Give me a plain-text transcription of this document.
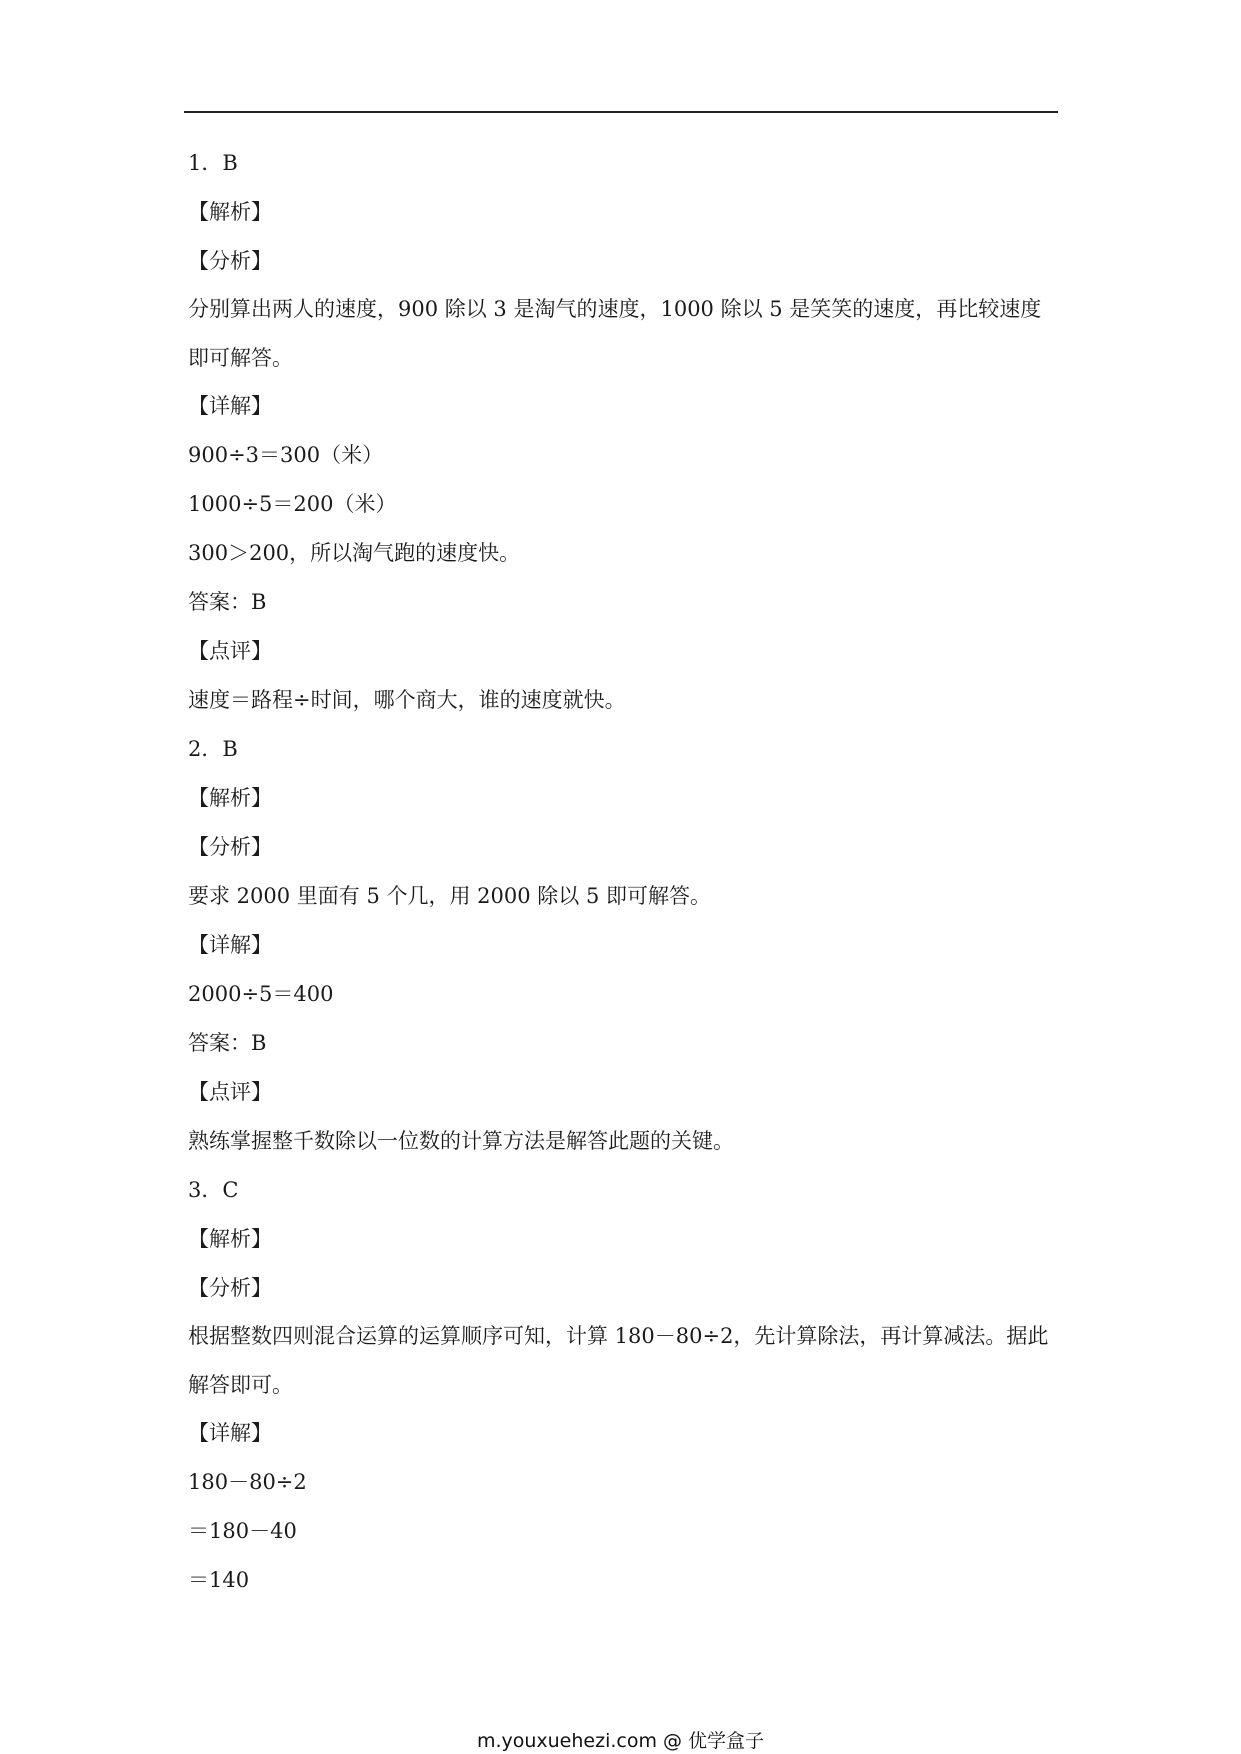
1．B
【解析】
【分析】
分别算出两人的速度，900 除以 3 是淘气的速度，1000 除以 5 是笑笑的速度，再比较速度即可解答。
【详解】
900÷3＝300（米）
1000÷5＝200（米）
300＞200，所以淘气跑的速度快。
答案：B
【点评】
速度＝路程÷时间，哪个商大，谁的速度就快。
2．B
【解析】
【分析】
要求 2000 里面有 5 个几，用 2000 除以 5 即可解答。
【详解】
2000÷5＝400
答案：B
【点评】
熟练掌握整千数除以一位数的计算方法是解答此题的关键。
3．C
【解析】
【分析】
根据整数四则混合运算的运算顺序可知，计算 180－80÷2，先计算除法，再计算减法。据此解答即可。
【详解】
180－80÷2
＝180－40
＝140
m.youxuehezi.com @ 优学盒子
